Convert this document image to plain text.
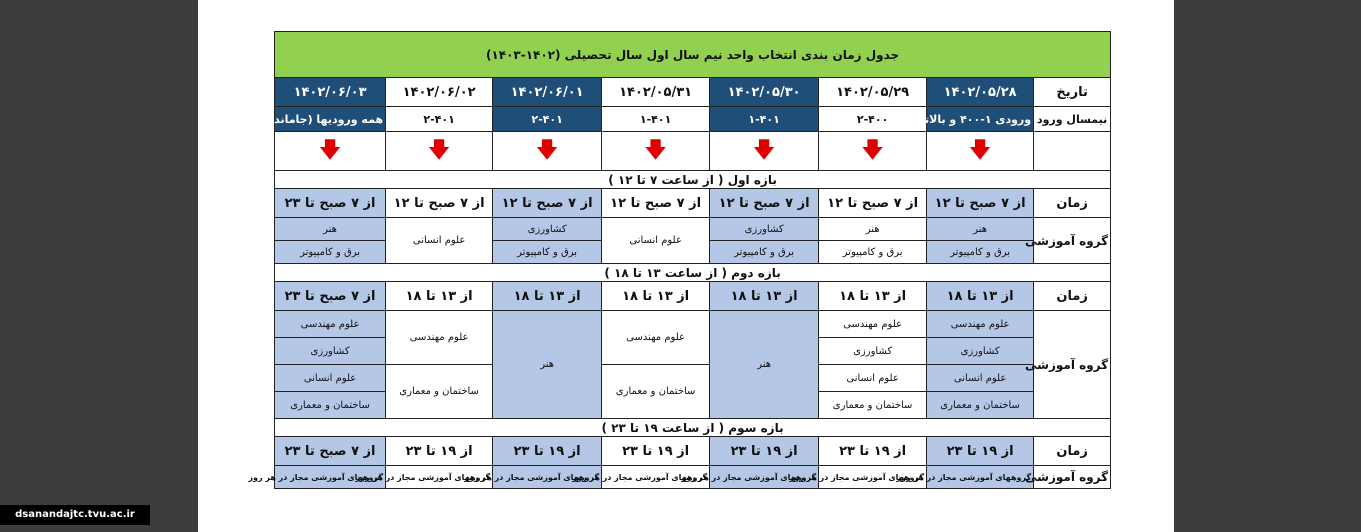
جدول زمان بندی انتخاب واحد نیم سال اول سال تحصیلی (۱۴۰۲-۱۴۰۳)							
تاریخ	۱۴۰۲/۰۵/۲۸	۱۴۰۲/۰۵/۲۹	۱۴۰۲/۰۵/۳۰	۱۴۰۲/۰۵/۳۱	۱۴۰۲/۰۶/۰۱	۱۴۰۲/۰۶/۰۲	۱۴۰۲/۰۶/۰۳
نیمسال ورود	ورودی ۱-۴۰۰ و بالاتر	۲-۴۰۰	۱-۴۰۱	۱-۴۰۱	۲-۴۰۱	۲-۴۰۱	همه ورودیها (جامانده)
	🡇	🡇	🡇	🡇	🡇	🡇	🡇
بازه اول ( از ساعت ۷ تا ۱۲ )							
زمان	از ۷ صبح تا ۱۲	از ۷ صبح تا ۱۲	از ۷ صبح تا ۱۲	از ۷ صبح تا ۱۲	از ۷ صبح تا ۱۲	از ۷ صبح تا ۱۲	از ۷ صبح تا ۲۳
گروه آموزشی	هنر	هنر	کشاورزی	علوم انسانی	کشاورزی	علوم انسانی	هنر
	برق و کامپیوتر	برق و کامپیوتر	برق و کامپیوتر		برق و کامپیوتر		برق و کامپیوتر
بازه دوم ( از ساعت ۱۳ تا ۱۸ )							
زمان	از ۱۳ تا ۱۸	از ۱۳ تا ۱۸	از ۱۳ تا ۱۸	از ۱۳ تا ۱۸	از ۱۳ تا ۱۸	از ۱۳ تا ۱۸	از ۷ صبح تا ۲۳
گروه آموزشی	علوم مهندسی	علوم مهندسی	هنر	علوم مهندسی	هنر	علوم مهندسی	علوم مهندسی
	کشاورزی	کشاورزی					کشاورزی
	علوم انسانی	علوم انسانی		ساختمان و معماری		ساختمان و معماری	علوم انسانی
	ساختمان و معماری	ساختمان و معماری					ساختمان و معماری
بازه سوم ( از ساعت ۱۹ تا ۲۳ )							
زمان	از ۱۹ تا ۲۳	از ۱۹ تا ۲۳	از ۱۹ تا ۲۳	از ۱۹ تا ۲۳	از ۱۹ تا ۲۳	از ۱۹ تا ۲۳	از ۷ صبح تا ۲۳
گروه آموزشی	گروههای آموزشی مجاز در هر روز	گروههای آموزشی مجاز در هر روز	گروههای آموزشی مجاز در هر روز	گروههای آموزشی مجاز در هر روز	گروههای آموزشی مجاز در هر روز	گروههای آموزشی مجاز در هر روز	گروههای آموزشی مجاز در هر روز
dsanandajtc.tvu.ac.ir
